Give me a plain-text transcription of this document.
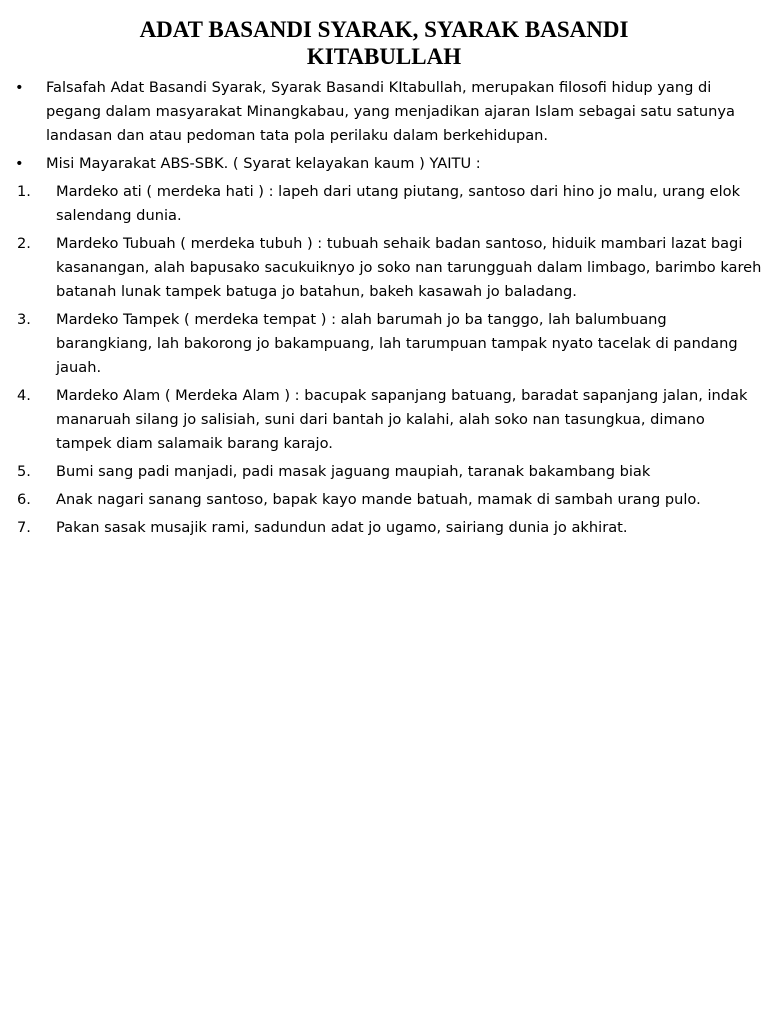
ADAT BASANDI SYARAK, SYARAK BASANDI KITABULLAH
•	Falsafah Adat Basandi Syarak, Syarak Basandi KItabullah, merupakan filosofi hidup yang di pegang dalam masyarakat Minangkabau, yang menjadikan ajaran Islam sebagai satu satunya landasan dan atau pedoman tata pola perilaku dalam berkehidupan.
•	Misi Mayarakat ABS-SBK. ( Syarat kelayakan kaum ) YAITU :
1.	Mardeko ati ( merdeka hati ) : lapeh dari utang piutang, santoso dari hino jo malu, urang elok salendang dunia.
2.	Mardeko Tubuah ( merdeka tubuh ) : tubuah sehaik badan santoso, hiduik mambari lazat bagi kasanangan, alah bapusako sacukuiknyo jo soko nan tarungguah dalam limbago, barimbo kareh batanah lunak tampek batuga jo batahun, bakeh kasawah jo baladang.
3.	Mardeko Tampek ( merdeka tempat ) : alah barumah jo ba tanggo, lah balumbuang barangkiang, lah bakorong jo bakampuang, lah tarumpuan tampak nyato tacelak di pandang jauah.
4.	Mardeko Alam ( Merdeka Alam ) : bacupak sapanjang batuang, baradat sapanjang jalan, indak manaruah silang jo salisiah, suni dari bantah jo kalahi, alah soko nan tasungkua, dimano tampek diam salamaik barang karajo.
5.	Bumi sang padi manjadi, padi masak jaguang maupiah, taranak bakambang biak
6.	Anak nagari sanang santoso, bapak kayo mande batuah, mamak di sambah urang pulo.
7.	Pakan sasak musajik rami, sadundun adat jo ugamo, sairiang dunia jo akhirat.
